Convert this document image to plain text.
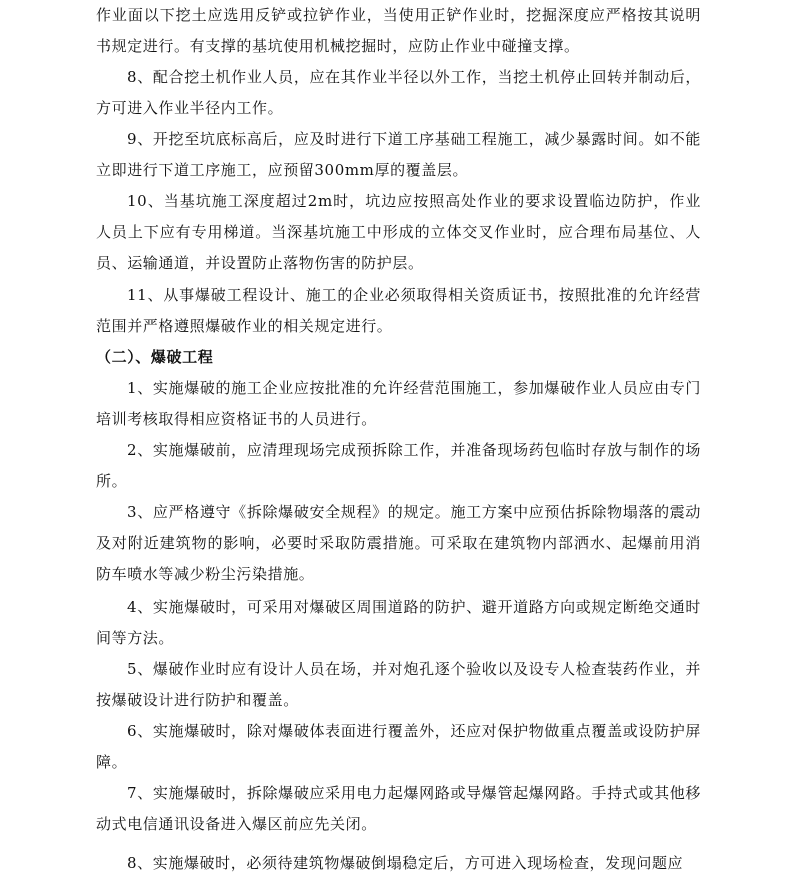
作业面以下挖土应选用反铲或拉铲作业，当使用正铲作业时，挖掘深度应严格按其说明书规定进行。有支撑的基坑使用机械挖掘时，应防止作业中碰撞支撑。

8、配合挖土机作业人员，应在其作业半径以外工作，当挖土机停止回转并制动后，方可进入作业半径内工作。

9、开挖至坑底标高后，应及时进行下道工序基础工程施工，减少暴露时间。如不能立即进行下道工序施工，应预留300mm厚的覆盖层。

10、当基坑施工深度超过2m时，坑边应按照高处作业的要求设置临边防护，作业人员上下应有专用梯道。当深基坑施工中形成的立体交叉作业时，应合理布局基位、人员、运输通道，并设置防止落物伤害的防护层。

11、从事爆破工程设计、施工的企业必须取得相关资质证书，按照批准的允许经营范围并严格遵照爆破作业的相关规定进行。

（二）、爆破工程

1、实施爆破的施工企业应按批准的允许经营范围施工，参加爆破作业人员应由专门培训考核取得相应资格证书的人员进行。

2、实施爆破前，应清理现场完成预拆除工作，并准备现场药包临时存放与制作的场所。

3、应严格遵守《拆除爆破安全规程》的规定。施工方案中应预估拆除物塌落的震动及对附近建筑物的影响，必要时采取防震措施。可采取在建筑物内部洒水、起爆前用消防车喷水等减少粉尘污染措施。

4、实施爆破时，可采用对爆破区周围道路的防护、避开道路方向或规定断绝交通时间等方法。

5、爆破作业时应有设计人员在场，并对炮孔逐个验收以及设专人检查装药作业，并按爆破设计进行防护和覆盖。

6、实施爆破时，除对爆破体表面进行覆盖外，还应对保护物做重点覆盖或设防护屏障。

7、实施爆破时，拆除爆破应采用电力起爆网路或导爆管起爆网路。手持式或其他移动式电信通讯设备进入爆区前应先关闭。

8、实施爆破时，必须待建筑物爆破倒塌稳定后，方可进入现场检查，发现问题应
